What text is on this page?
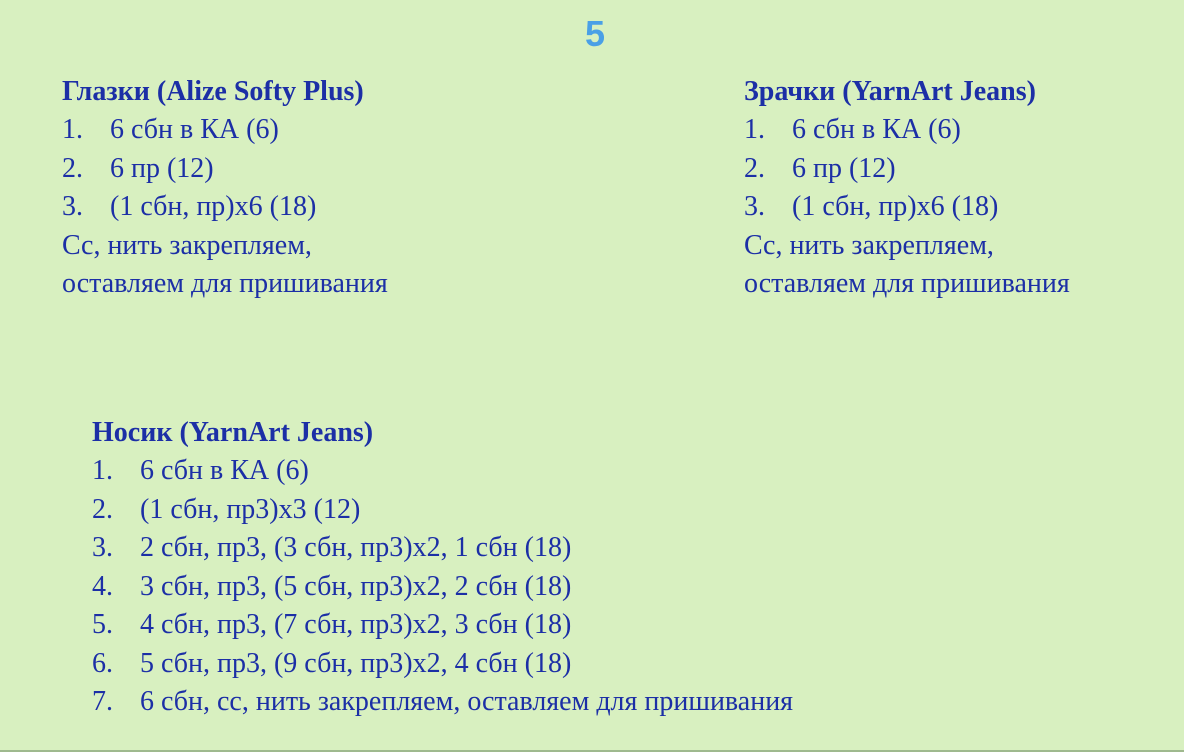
5
Глазки (Alize Softy Plus)
1. 6 сбн в КА (6)
2. 6 пр (12)
3. (1 сбн, пр)х6 (18)
Сс, нить закрепляем,
оставляем для пришивания
Зрачки (YarnArt Jeans)
1. 6 сбн в КА (6)
2. 6 пр (12)
3. (1 сбн, пр)х6 (18)
Сс, нить закрепляем,
оставляем для пришивания
Носик (YarnArt Jeans)
1. 6 сбн в КА (6)
2. (1 сбн, пр3)х3 (12)
3. 2 сбн, пр3, (3 сбн, пр3)х2, 1 сбн (18)
4. 3 сбн, пр3, (5 сбн, пр3)х2, 2 сбн (18)
5. 4 сбн, пр3, (7 сбн, пр3)х2, 3 сбн (18)
6. 5 сбн, пр3, (9 сбн, пр3)х2, 4 сбн (18)
7. 6 сбн, сс, нить закрепляем, оставляем для пришивания
